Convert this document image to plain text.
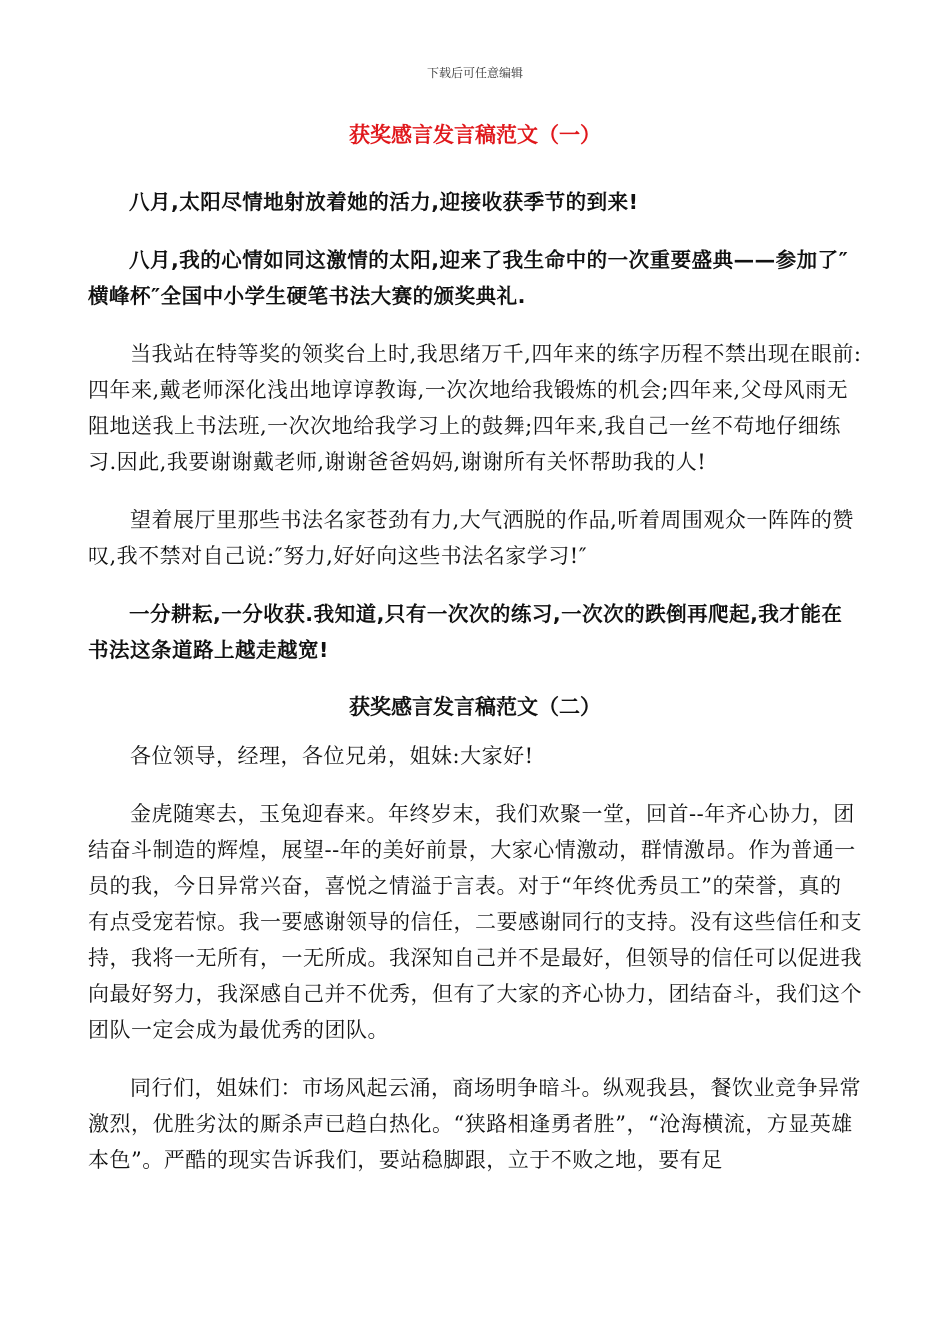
下载后可任意编辑
获奖感言发言稿范文（一）

八月,太阳尽情地射放着她的活力,迎接收获季节的到来!

八月,我的心情如同这激情的太阳,迎来了我生命中的一次重要盛典——参加了″横峰杯″全国中小学生硬笔书法大赛的颁奖典礼.

当我站在特等奖的领奖台上时,我思绪万千,四年来的练字历程不禁出现在眼前:四年来,戴老师深化浅出地谆谆教诲,一次次地给我锻炼的机会;四年来,父母风雨无阻地送我上书法班,一次次地给我学习上的鼓舞;四年来,我自己一丝不苟地仔细练习.因此,我要谢谢戴老师,谢谢爸爸妈妈,谢谢所有关怀帮助我的人!

望着展厅里那些书法名家苍劲有力,大气洒脱的作品,听着周围观众一阵阵的赞叹,我不禁对自己说:″努力,好好向这些书法名家学习!″

一分耕耘,一分收获.我知道,只有一次次的练习,一次次的跌倒再爬起,我才能在书法这条道路上越走越宽!

获奖感言发言稿范文（二）

各位领导，经理，各位兄弟，姐妹:大家好!

金虎随寒去，玉兔迎春来。年终岁末，我们欢聚一堂，回首--年齐心协力，团结奋斗制造的辉煌，展望--年的美好前景，大家心情激动，群情激昂。作为普通一员的我，今日异常兴奋，喜悦之情溢于言表。对于“年终优秀员工”的荣誉，真的有点受宠若惊。我一要感谢领导的信任，二要感谢同行的支持。没有这些信任和支持，我将一无所有，一无所成。我深知自己并不是最好，但领导的信任可以促进我向最好努力，我深感自己并不优秀，但有了大家的齐心协力，团结奋斗，我们这个团队一定会成为最优秀的团队。

同行们，姐妹们：市场风起云涌，商场明争暗斗。纵观我县，餐饮业竞争异常激烈，优胜劣汰的厮杀声已趋白热化。“狭路相逢勇者胜”，“沧海横流，方显英雄本色”。严酷的现实告诉我们，要站稳脚跟，立于不败之地，要有足
